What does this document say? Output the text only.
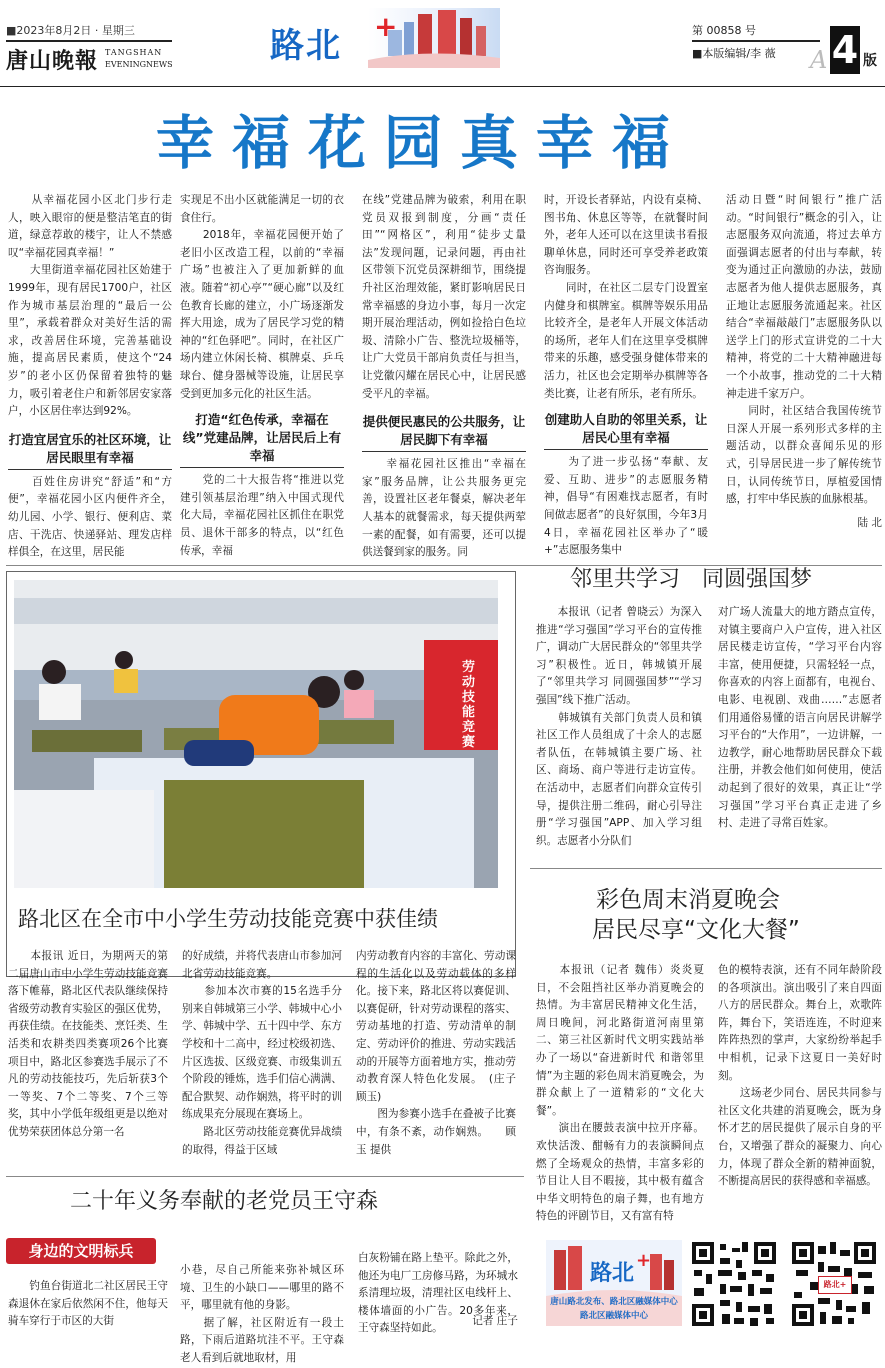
■2023年8月2日 · 星期三
唐山晚報 TANGSHAN
EVENINGNEWS	路北 +	第 00858 号
■本版编辑/李 薇 A 4 版
幸福花园真幸福
　　从幸福花园小区北门步行走人，映入眼帘的便是整洁笔直的街道，绿意荐敢的楼宇，让人不禁感叹“幸福花园真幸福！”
　　大里街道幸福花园社区始建于1999年，现有居民1700户，社区作为城市基层治理的“最后一公里”，承载着群众对美好生活的需求，改善居住环境，完善基础设施，提高居民素质，使这个“24岁”的老小区仍保留着独特的魅力，吸引着老住户和新邻居安家落户，小区居住率达到92%。
打造宜居宜乐的社区环境，让居民眼里有幸福
　　百姓住房讲究“舒适”和“方便”，幸福花园小区内便件齐全，幼儿园、小学、银行、便利店、菜店、干洗店、快递驿站、理发店样样俱全，在这里，居民能
实现足不出小区就能满足一切的衣食住行。
　　2018年，幸福花园便开始了老旧小区改造工程，以前的“幸福广场”也被注入了更加新鲜的血液。随着“初心亭”“硬心廊”以及红色教育长廊的建立，小广场逐渐发挥大用途，成为了居民学习党的精神的“红色驿吧”。同时，在社区广场内建立休闲长椅、棋牌桌、乒乓球台、健身器械等设施，让居民享受到更加多元化的社区生活。
打造“红色传承，幸福在线”党建品牌，让居民后上有幸福
　　党的二十大报告将“推进以党建引领基层治理”纳入中国式现代化大局，幸福花园社区抓住在职党员、退休干部多的特点，以“红色传承，幸福
在线”党建品牌为破索，利用在职党员双报到制度，分画“责任田”“网格区”，利用“徒步丈量法”发现问题，记录问题，再由社区带领下沉党员深耕细节，围绕提升社区治理效能，紧盯影响居民日常幸福感的身边小事，每月一次定期开展治理活动，例如捡拾白色垃圾、清除小广告、整洗垃圾桶等，让广大党员干部肩负责任与担当，让党徽闪耀在居民心中，让居民感受平凡的幸福。
提供便民惠民的公共服务，让居民脚下有幸福
　　幸福花园社区推出“幸福在家”服务品牌，让公共服务更完善，设置社区老年餐桌，解决老年人基本的就餐需求，每天提供两荤一素的配餐，如有需要，还可以提供送餐到家的服务。同
时，开设长者驿站，内设有桌椅、图书角、休息区等等，在就餐时间外，老年人还可以在这里读书看报聊单休息，同时还可享受养老政策咨询服务。
　　同时，在社区二层专门设置室内健身和棋牌室。棋牌等娱乐用品比较齐全，是老年人开展文体活动的场所，老年人们在这里享受棋牌带来的乐趣，感受强身健体带来的活力，社区也会定期举办棋牌等各类比赛，让老有所乐，老有所乐。
创建助人自助的邻里关系，让居民心里有幸福
　　为了进一步弘扬“奉献、友爱、互助、进步”的志愿服务精神，倡导“有困难找志愿者，有时间做志愿者”的良好氛围，今年3月4日，幸福花园社区举办了“暖+”志愿服务集中
活动日暨“时间银行”推广活动。“时间银行”概念的引入，让志愿服务双向流通，将过去单方面强调志愿者的付出与奉献，转变为通过正向激励的办法，鼓励志愿者为他人提供志愿服务，真正地让志愿服务流通起来。社区结合“幸福敲敲门”志愿服务队以送学上门的形式宣讲党的二十大精神，将党的二十大精神融进每一个小故事，推动党的二十大精神走进千家万户。
　　同时，社区结合我国传统节日深人开展一系列形式多样的主题活动，以群众喜闻乐见的形式，引导居民进一步了解传统节日，认同传统节日，厚植爱国情感，打牢中华民族的血脉根基。
陆 北
劳动技能竞赛
路北区在全市中小学生劳动技能竞赛中获佳绩
　　本报讯 近日，为期两天的第二届唐山市中小学生劳动技能竞赛落下帷幕，路北区代表队继续保持省级劳动教育实验区的强区优势，再获佳绩。在技能类、烹饪类、生活类和农耕类四类赛项26个比赛项目中，路北区参赛选手展示了不凡的劳动技能技巧，先后斩获3个一等奖、7个二等奖、7个三等奖，其中小学低年级组更是以绝对优势荣获团体总分第一名
的好成绩，并将代表唐山市参加河北省劳动技能竞赛。
　　参加本次市赛的15名选手分别来自韩城第三小学、韩城中心小学、韩城中学、五十四中学、东方学校和十二高中，经过校级初选、片区选拔、区级竞赛、市级集训五个阶段的锤炼，选手们信心满满、配合默契、动作娴熟，将平时的训练成果充分展现在赛场上。
　　路北区劳动技能竞赛优异战绩的取得，得益于区域
内劳动教育内容的丰富化、劳动课程的生活化以及劳动载体的多样化。接下来，路北区将以赛促训、以赛促研，针对劳动课程的落实、劳动基地的打造、劳动清单的制定、劳动评价的推进、劳动实践活动的开展等方面着地方实，推动劳动教育深人特色化发展。　(庄子 顾玉)
　　图为参赛小选手在叠被子比赛中，有条不紊，动作娴熟。　　顾玉 提供
邻里共学习　同圆强国梦
　　本报讯（记者 曾晓云）为深入推进“学习强国”学习平台的宣传推广，调动广大居民群众的“邻里共学习”积极性。近日，韩城镇开展了“邻里共学习 同圆强国梦”“学习强国”线下推广活动。
　　韩城镇有关部门负责人员和镇社区工作人员组成了十余人的志愿者队伍，在韩城镇主要广场、社区、商场、商户等进行走访宣传。在活动中，志愿者们向群众宣传引导，提供注册二维码，耐心引导注册“学习强国”APP、加入学习组织。志愿者小分队们
对广场人流量大的地方踏点宣传，对镇主要商户入户宣传，进入社区居民楼走访宣传，“学习平台内容丰富，使用便捷，只需轻轻一点，你喜欢的内容上面都有，电视台、电影、电视剧、戏曲……”志愿者们用通俗易懂的语言向居民讲解学习平台的“大作用”，一边讲解，一边教学，耐心地帮助居民群众下载注册，并教会他们如何使用，使活动起到了很好的效果，真正让“学习强国”学习平台真正走进了乡村、走进了寻常百姓家。
彩色周末消夏晚会
居民尽享“文化大餐”
　　本报讯（记者 魏伟）炎炎夏日，不会阻挡社区举办消夏晚会的热情。为丰富居民精神文化生活，周日晚间，河北路街道河南里第二、第三社区新时代文明实践站举办了一场以“奋进新时代 和谐邻里情”为主题的彩色周末消夏晚会，为群众献上了一道精彩的“文化大餐”。
　　演出在腰鼓表演中拉开序幕。欢快活泼、酣畅有力的表演瞬间点燃了全场观众的热情，丰富多彩的节目让人目不暇接，其中极有蕴含中华文明特色的扇子舞，也有地方特色的评剧节目，又有富有特
色的模特表演，还有不同年龄阶段的各项演出。演出吸引了来自四面八方的居民群众。舞台上，欢歌阵阵，舞台下，笑语连连，不时迎来阵阵热烈的掌声，大家纷纷举起手中相机，记录下这夏日一美好时刻。
　　这场老少同台、居民共同参与社区文化共建的消夏晚会，既为身怀才艺的居民提供了展示自身的平台，又增强了群众的凝聚力、向心力，体现了群众全新的精神面貌，不断提高居民的获得感和幸福感。
二十年义务奉献的老党员王守森
身边的文明标兵
　　钓鱼台街道北二社区居民王守森退休在家后依然闲不住，他每天骑车穿行于市区的大街
小巷，尽自己所能来弥补城区环境、卫生的小缺口——哪里的路不平，哪里就有他的身影。
　　据了解，社区附近有一段土路，下雨后道路坑洼不平。王守森老人看到后就地取材，用
白灰粉铺在路上垫平。除此之外，他还为电厂工房修马路，为环城水系清理垃圾，清理社区电线杆上、楼体墙面的小广告。20多年来，王守森坚持如此。
记者 庄子
路北
+
唐山路北发布、路北区融媒体中心
路北区融媒体中心
路北+
